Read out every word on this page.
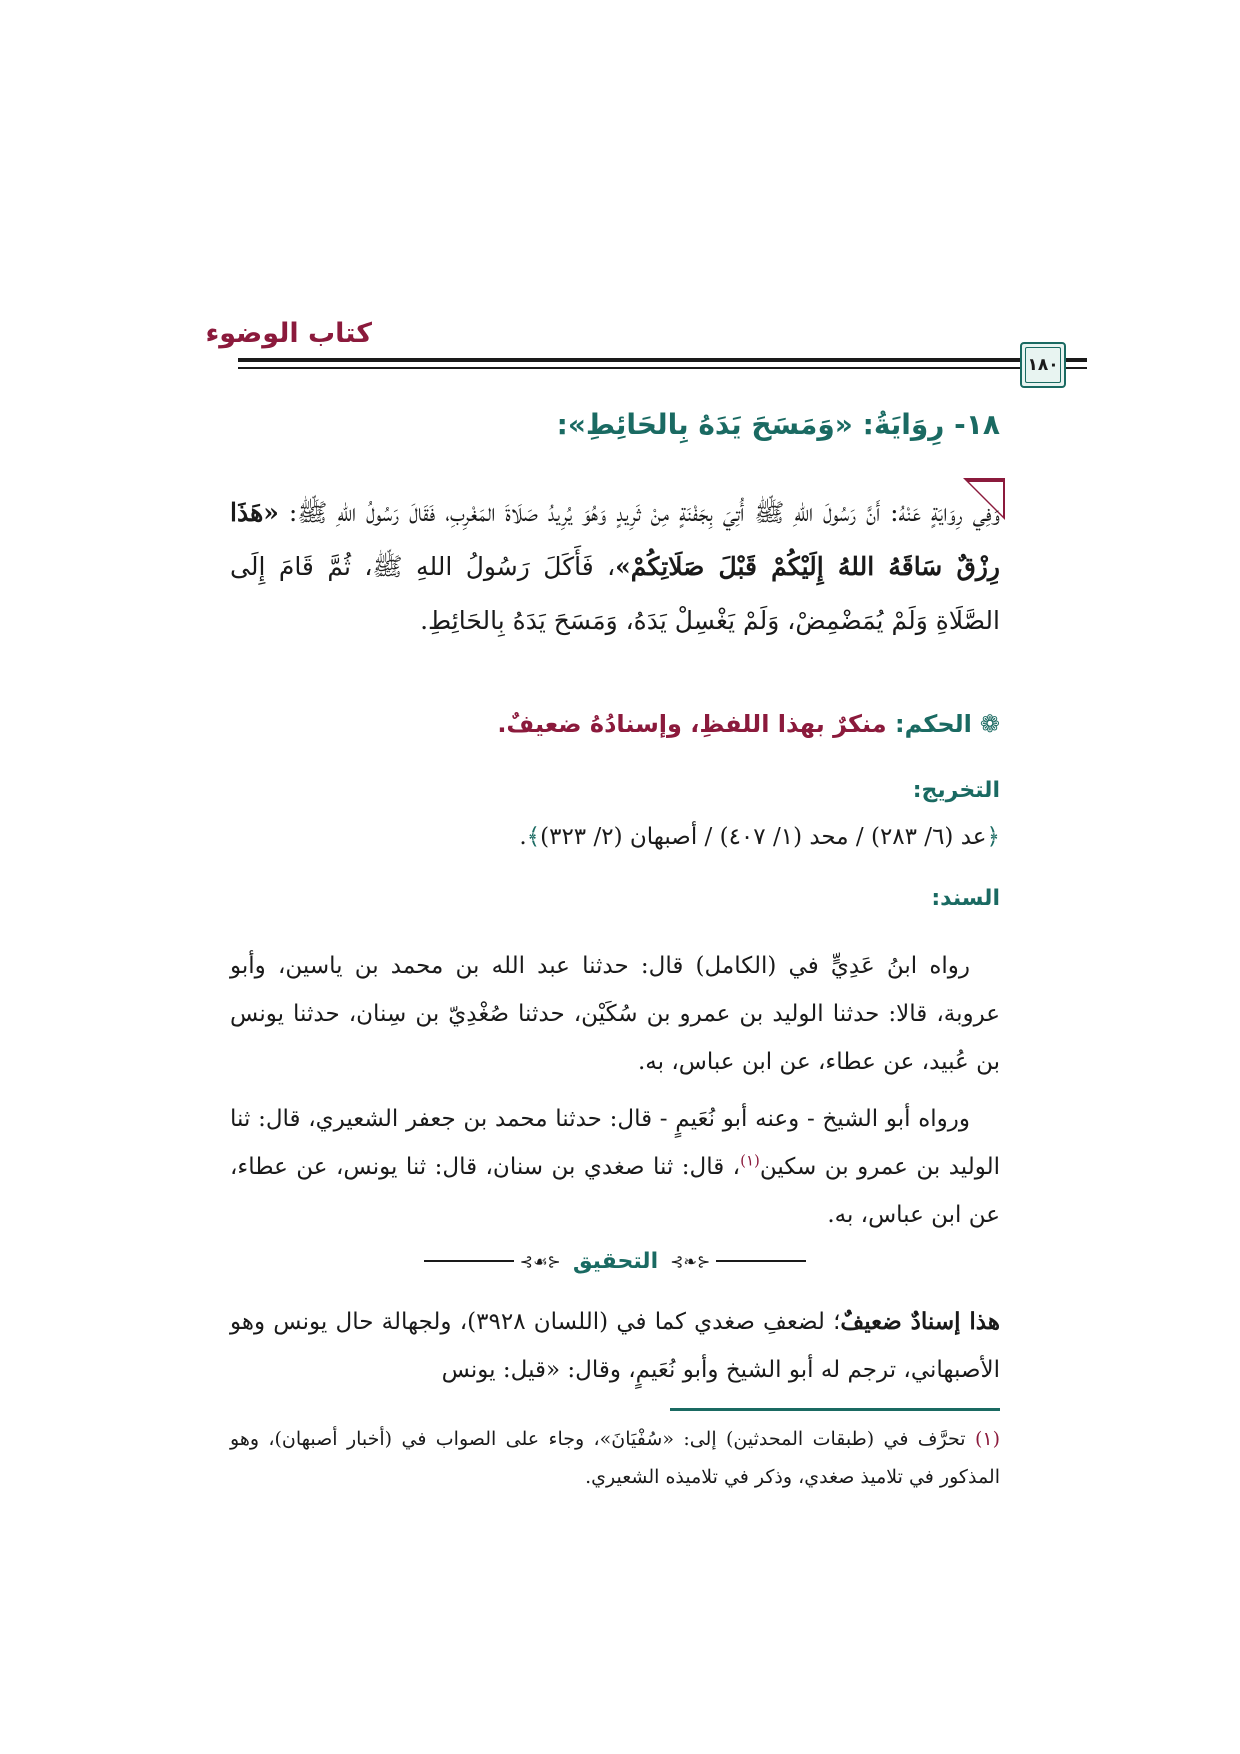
كتاب الوضوء
١٨٠
١٨- رِوَايَةُ: «وَمَسَحَ يَدَهُ بِالحَائِطِ»:
وَفِي رِوَايَةٍ عَنْهُ: أَنَّ رَسُولَ اللهِ ﷺ أُتِيَ بِجَفْنَةٍ مِنْ ثَرِيدٍ وَهُوَ يُرِيدُ صَلَاةَ المَغْرِبِ، فَقَالَ رَسُولُ اللهِ ﷺ: «هَذَا رِزْقٌ سَاقَهُ اللهُ إِلَيْكُمْ قَبْلَ صَلَاتِكُمْ»، فَأَكَلَ رَسُولُ اللهِ ﷺ، ثُمَّ قَامَ إِلَى الصَّلَاةِ وَلَمْ يُمَضْمِضْ، وَلَمْ يَغْسِلْ يَدَهُ، وَمَسَحَ يَدَهُ بِالحَائِطِ.
❁الحكم: منكرٌ بهذا اللفظِ، وإسنادُهُ ضعيفٌ.
التخريج:
﴿عد (٦/ ٢٨٣) / محد (١/ ٤٠٧) / أصبهان (٢/ ٣٢٣)﴾.
السند:
رواه ابنُ عَدِيٍّ في (الكامل) قال: حدثنا عبد الله بن محمد بن ياسين، وأبو عروبة، قالا: حدثنا الوليد بن عمرو بن سُكَيْن، حدثنا صُغْدِيّ بن سِنان، حدثنا يونس بن عُبيد، عن عطاء، عن ابن عباس، به.
ورواه أبو الشيخ - وعنه أبو نُعَيمٍ - قال: حدثنا محمد بن جعفر الشعيري، قال: ثنا الوليد بن عمرو بن سكين$^{(١)}$، قال: ثنا صغدي بن سنان، قال: ثنا يونس، عن عطاء، عن ابن عباس، به.
⊰❧⊱
التحقيق
⊰☙⊱
هذا إسنادٌ ضعيفٌ؛ لضعفِ صغدي كما في (اللسان ٣٩٢٨)، ولجهالة حال يونس وهو الأصبهاني، ترجم له أبو الشيخ وأبو نُعَيمٍ، وقال: «قيل: يونس
(١) تحرَّف في (طبقات المحدثين) إلى: «سُفْيَانَ»، وجاء على الصواب في (أخبار أصبهان)، وهو المذكور في تلاميذ صغدي، وذكر في تلاميذه الشعيري.
